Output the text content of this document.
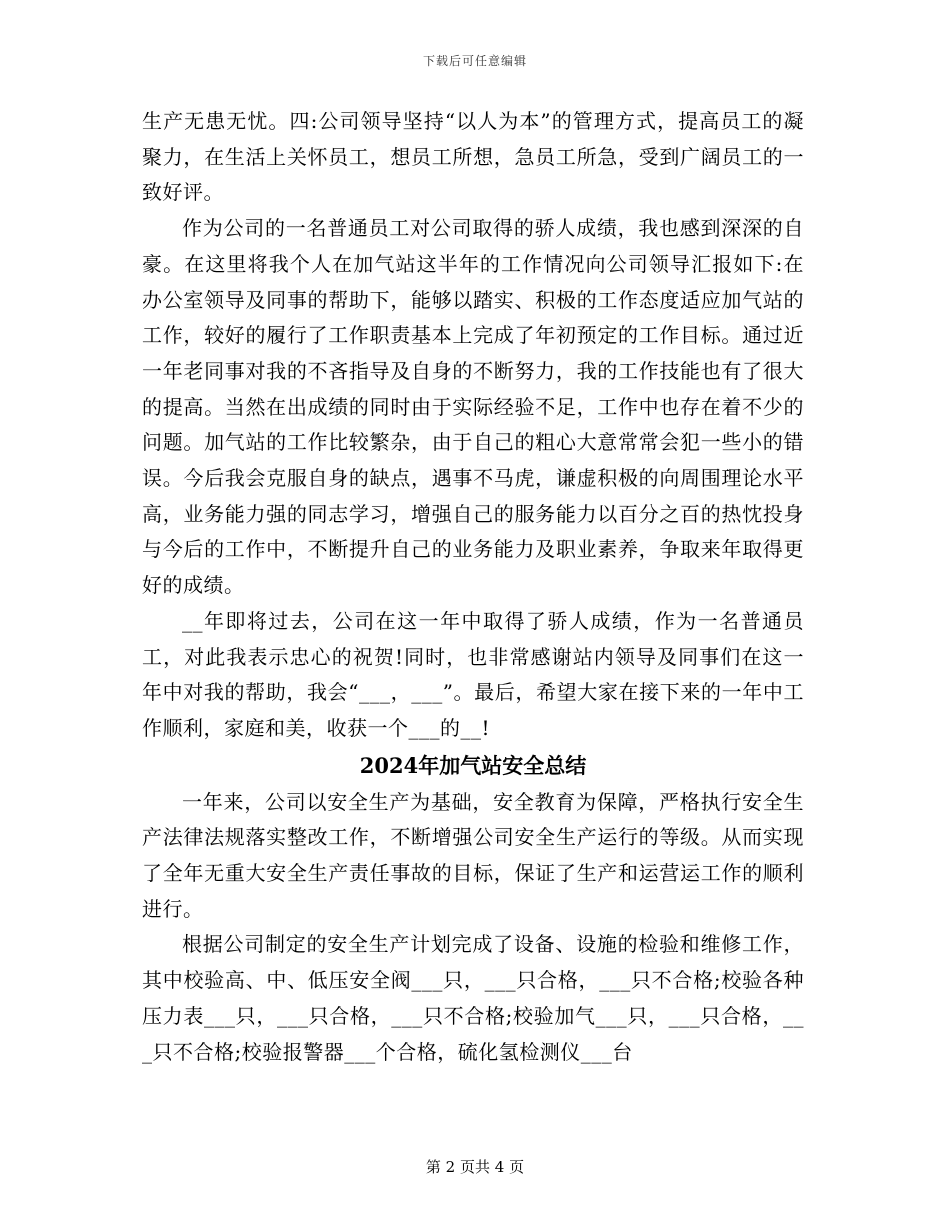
下载后可任意编辑

生产无患无忧。四:公司领导坚持“以人为本”的管理方式，提高员工的凝聚力，在生活上关怀员工，想员工所想，急员工所急，受到广阔员工的一致好评。

作为公司的一名普通员工对公司取得的骄人成绩，我也感到深深的自豪。在这里将我个人在加气站这半年的工作情况向公司领导汇报如下:在办公室领导及同事的帮助下，能够以踏实、积极的工作态度适应加气站的工作，较好的履行了工作职责基本上完成了年初预定的工作目标。通过近一年老同事对我的不吝指导及自身的不断努力，我的工作技能也有了很大的提高。当然在出成绩的同时由于实际经验不足，工作中也存在着不少的问题。加气站的工作比较繁杂，由于自己的粗心大意常常会犯一些小的错误。今后我会克服自身的缺点，遇事不马虎，谦虚积极的向周围理论水平高，业务能力强的同志学习，增强自己的服务能力以百分之百的热忱投身与今后的工作中，不断提升自己的业务能力及职业素养，争取来年取得更好的成绩。

__年即将过去，公司在这一年中取得了骄人成绩，作为一名普通员工，对此我表示忠心的祝贺!同时，也非常感谢站内领导及同事们在这一年中对我的帮助，我会“___，___”。最后，希望大家在接下来的一年中工作顺利，家庭和美，收获一个___的__!

2024年加气站安全总结

一年来，公司以安全生产为基础，安全教育为保障，严格执行安全生产法律法规落实整改工作，不断增强公司安全生产运行的等级。从而实现了全年无重大安全生产责任事故的目标，保证了生产和运营运工作的顺利进行。

根据公司制定的安全生产计划完成了设备、设施的检验和维修工作，其中校验高、中、低压安全阀___只，___只合格，___只不合格;校验各种压力表___只，___只合格，___只不合格;校验加气___只，___只合格，___只不合格;校验报警器___个合格，硫化氢检测仪___台

第 2 页共 4 页
